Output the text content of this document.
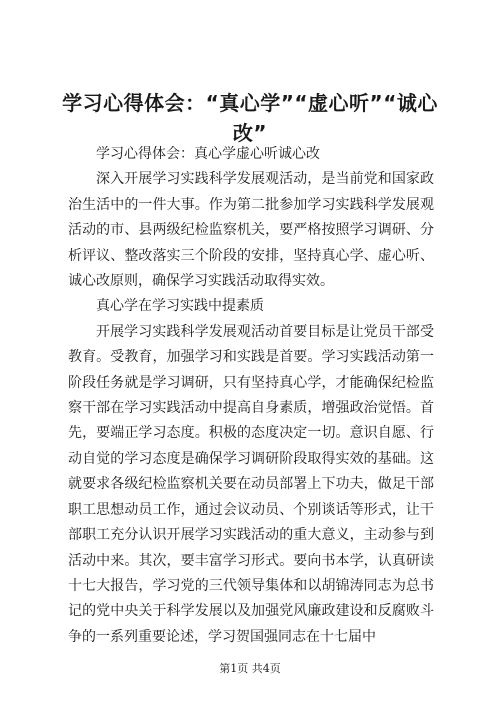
学习心得体会：“真心学”“虚心听”“诚心改”

学习心得体会：真心学虚心听诚心改

深入开展学习实践科学发展观活动，是当前党和国家政治生活中的一件大事。作为第二批参加学习实践科学发展观活动的市、县两级纪检监察机关，要严格按照学习调研、分析评议、整改落实三个阶段的安排，坚持真心学、虚心听、诚心改原则，确保学习实践活动取得实效。

真心学在学习实践中提素质

开展学习实践科学发展观活动首要目标是让党员干部受教育。受教育，加强学习和实践是首要。学习实践活动第一阶段任务就是学习调研，只有坚持真心学，才能确保纪检监察干部在学习实践活动中提高自身素质，增强政治觉悟。首先，要端正学习态度。积极的态度决定一切。意识自愿、行动自觉的学习态度是确保学习调研阶段取得实效的基础。这就要求各级纪检监察机关要在动员部署上下功夫，做足干部职工思想动员工作，通过会议动员、个别谈话等形式，让干部职工充分认识开展学习实践活动的重大意义，主动参与到活动中来。其次，要丰富学习形式。要向书本学，认真研读十七大报告，学习党的三代领导集体和以胡锦涛同志为总书记的党中央关于科学发展以及加强党风廉政建设和反腐败斗争的一系列重要论述，学习贺国强同志在十七届中

第1页 共4页
